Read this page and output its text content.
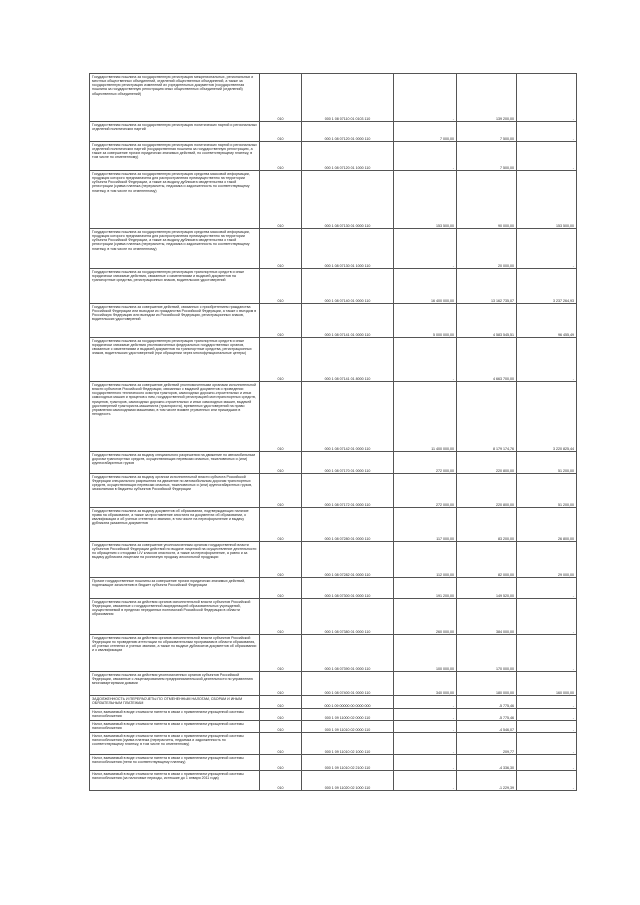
Государственная пошлина за государственную регистрацию межрегиональных, региональных и местных общественных объединений, отделений общественных объединений, а также за государственную регистрацию изменений их учредительных документов (государственная пошлина за государственную регистрацию иных общественных объединений (отделений) общественных объединений)	010	000 1 08 07110 01 0103 110	-	139 200,00	-
Государственная пошлина за государственную регистрацию политических партий и региональных отделений политических партий	010	000 1 08 07120 01 0000 110	7 000,00	7 500,00	-
Государственная пошлина за государственную регистрацию политических партий и региональных отделений политических партий (государственная пошлина за государственную регистрацию, а также за совершение прочих юридически значимых действий, по соответствующему платежу, в том числе по отмененному)	010	000 1 08 07120 01 1000 110	-	7 500,00	-
Государственная пошлина за государственную регистрацию средства массовой информации, продукция которого предназначена для распространения преимущественно на территории субъекта Российской Федерации, а также за выдачу дубликата свидетельства о такой регистрации (сумма платежа (перерасчеты, недоимка и задолженность по соответствующему платежу, в том числе по отмененному)	010	000 1 08 07130 01 0000 110	153 500,00	90 000,00	153 500,00
Государственная пошлина за государственную регистрацию средства массовой информации, продукция которого предназначена для распространения преимущественно на территории субъекта Российской Федерации, а также за выдачу дубликата свидетельства о такой регистрации (сумма платежа (перерасчеты, недоимка и задолженность по соответствующему платежу, в том числе по отмененному)	010	000 1 08 07130 01 1000 110	-	20 000,00	-
Государственная пошлина за государственную регистрацию транспортных средств и иные юридически значимые действия, связанные с изменениями и выдачей документов на транспортные средства, регистрационных знаков, водительских удостоверений	010	000 1 08 07140 01 0000 110	16 400 000,00	13 162 735,07	3 237 264,93
Государственная пошлина за совершение действий, связанных с приобретением гражданства Российской Федерации или выходом из гражданства Российской Федерации, а также с въездом в Российскую Федерацию или выездом из Российской Федерации, регистрационных знаков, водительских удостоверений	010	000 1 08 07141 01 0000 110	5 000 000,00	4 583 545,51	96 455,49
Государственная пошлина за государственную регистрацию транспортных средств и иные юридически значимые действия уполномоченных федеральных государственных органов, связанные с изменениями и выдачей документов на транспортные средства, регистрационных знаков, водительских удостоверений (при обращении через многофункциональные центры)	010	000 1 08 07141 01 8000 110	-	4 663 700,00	-
Государственная пошлина за совершение действий уполномоченными органами исполнительной власти субъектов Российской Федерации, связанных с выдачей документов о проведении государственного технического осмотра тракторов, самоходных дорожно-строительных и иных самоходных машин и прицепов к ним, государственной регистрацией мототранспортных средств, прицепов, тракторов, самоходных дорожно-строительных и иных самоходных машин, выдачей удостоверений тракториста-машиниста (тракториста), временных удостоверений на право управления самоходными машинами, в том числе взамен утраченных или пришедших в негодность	010	000 1 08 07142 01 0000 110	11 400 000,00	8 179 174,76	3 220 825,44
Государственная пошлина за выдачу специального разрешения на движение по автомобильным дорогам транспортных средств, осуществляющих перевозки опасных, тяжеловесных и (или) крупногабаритных грузов	010	000 1 08 07170 01 0000 110	272 000,00	220 800,00	51 200,00
Государственная пошлина за выдачу органом исполнительной власти субъекта Российской Федерации специального разрешения на движение по автомобильным дорогам транспортных средств, осуществляющих перевозки опасных, тяжеловесных и (или) крупногабаритных грузов, зачисляемая в бюджеты субъектов Российской Федерации	010	000 1 08 07172 01 0000 110	272 000,00	220 800,00	51 200,00
Государственная пошлина за выдачу документов об образовании, подтверждающих наличие права на образование, а также за проставление апостиля на документах об образовании, о квалификации и об ученых степенях и званиях, в том числе на переоформление и выдачу дубликата указанных документов	010	000 1 08 07280 01 0000 110	117 000,00	83 200,00	26 800,00
Государственная пошлина за совершение уполномоченным органом государственной власти субъектов Российской Федерации действий по выдаче лицензий на осуществление деятельности по обращению с отходами I-IV классов опасности, а также за переоформление, а равно и за выдачу дубликата лицензии на розничную продажу алкогольной продукции	010	000 1 08 07282 01 0000 110	112 000,00	82 000,00	29 000,00
Прочие государственные пошлины за совершение прочих юридически значимых действий, подлежащие зачислению в бюджет субъекта Российской Федерации	010	000 1 08 07300 01 0000 110	191 200,00	149 520,00	-
Государственная пошлина за действия органов исполнительной власти субъектов Российской Федерации, связанные с государственной аккредитацией образовательных учреждений, осуществляемой в пределах переданных полномочий Российской Федерации в области образования	010	000 1 08 07380 01 0000 110	260 000,00	384 000,00	-
Государственная пошлина за действия органов исполнительной власти субъектов Российской Федерации по проведению аттестации по образовательным программам в области образования, об ученых степенях и ученых званиях, а также по выдаче дубликатов документов об образовании и о квалификации	010	000 1 08 07390 01 0000 110	100 000,00	170 000,00	-
Государственная пошлина за действия уполномоченных органов субъектов Российской Федерации, связанные с лицензированием предпринимательской деятельности по управлению многоквартирными домами	010	000 1 08 07400 01 0000 110	340 000,00	180 000,00	160 000,00
ЗАДОЛЖЕННОСТЬ И ПЕРЕРАСЧЕТЫ ПО ОТМЕНЕННЫМ НАЛОГАМ, СБОРАМ И ИНЫМ ОБЯЗАТЕЛЬНЫМ ПЛАТЕЖАМ	010	000 1 09 00000 00 0000 000	-	-5 775,46	-
Налог, взимаемый в виде стоимости патента в связи с применением упрощенной системы налогообложения	010	000 1 09 11000 02 0000 110	-	-5 775,46	-
Налог, взимаемый в виде стоимости патента в связи с применением упрощенной системы налогообложения	010	000 1 09 11010 02 0000 110	-	-4 546,07	-
Налог, взимаемый в виде стоимости патента в связи с применением упрощенной системы налогообложения (сумма платежа (перерасчеты, недоимка и задолженность по соответствующему платежу, в том числе по отмененному)	010	000 1 09 11010 02 1000 110	-	209,77	-
Налог, взимаемый в виде стоимости патента в связи с применением упрощенной системы налогообложения (пени по соответствующему платежу)	010	000 1 09 11010 02 2100 110	-	-4 336,30	-
Налог, взимаемый в виде стоимости патента в связи с применением упрощенной системы налогообложения (за налоговые периоды, истекшие до 1 января 2011 года)	010	000 1 09 11020 02 1000 110	-	-1 229,39	-
